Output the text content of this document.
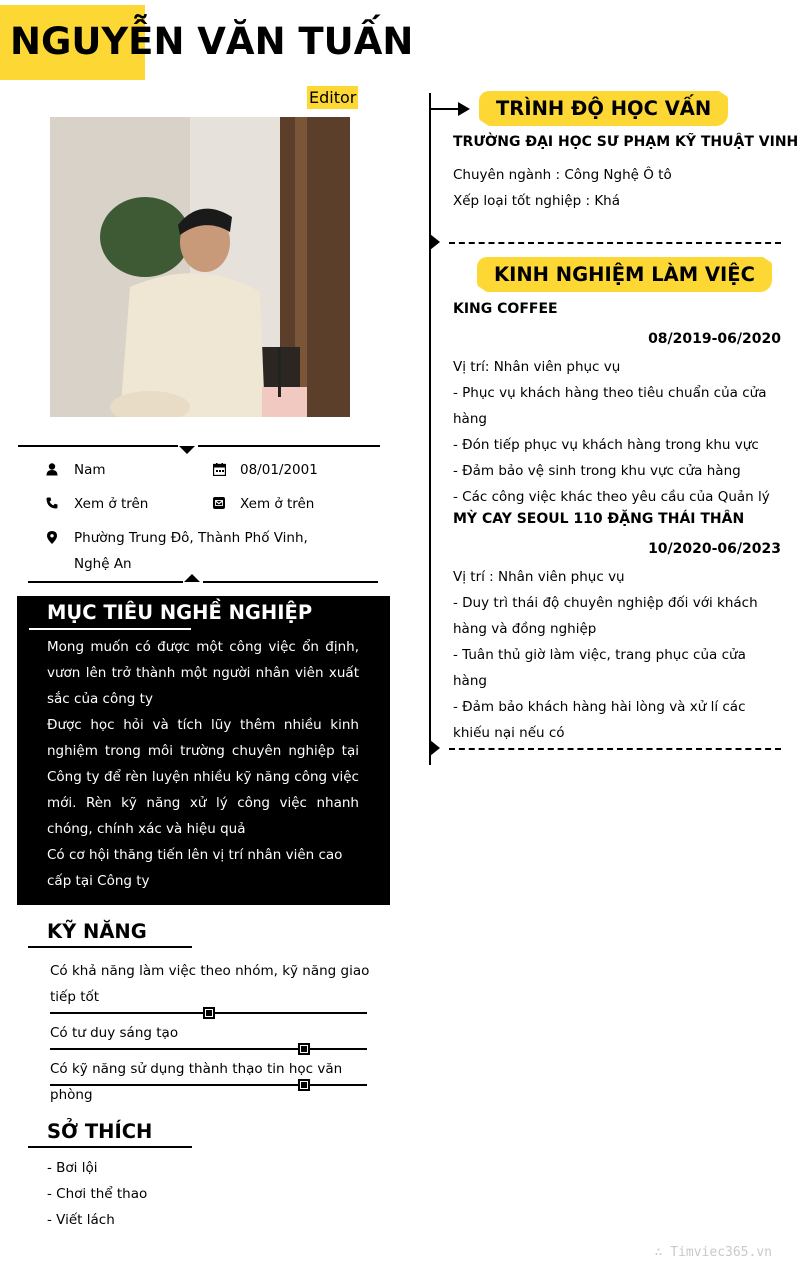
NGUYỄN VĂN TUẤN
Editor
Nam	08/01/2001
Xem ở trên	Xem ở trên
Phường Trung Đô, Thành Phố Vinh, Nghệ An
MỤC TIÊU NGHỀ NGHIỆP
Mong muốn có được một công việc ổn định, vươn lên trở thành một người nhân viên xuất sắc của công ty
Được học hỏi và tích lũy thêm nhiều kinh nghiệm trong môi trường chuyên nghiệp tại Công ty để rèn luyện nhiều kỹ năng công việc mới. Rèn kỹ năng xử lý công việc nhanh chóng, chính xác và hiệu quả
Có cơ hội thăng tiến lên vị trí nhân viên cao cấp tại Công ty
KỸ NĂNG
Có khả năng làm việc theo nhóm, kỹ năng giao tiếp tốt
Có tư duy sáng tạo
Có kỹ năng sử dụng thành thạo tin học văn phòng
SỞ THÍCH
- Bơi lội
- Chơi thể thao
- Viết lách
TRÌNH ĐỘ HỌC VẤN
TRƯỜNG ĐẠI HỌC SƯ PHẠM KỸ THUẬT VINH
Chuyên ngành : Công Nghệ Ô tô
Xếp loại tốt nghiệp : Khá
KINH NGHIỆM LÀM VIỆC
KING COFFEE
08/2019-06/2020
Vị trí: Nhân viên phục vụ
- Phục vụ khách hàng theo tiêu chuẩn của cửa hàng
- Đón tiếp phục vụ khách hàng trong khu vực
- Đảm bảo vệ sinh trong khu vực cửa hàng
- Các công việc khác theo yêu cầu của Quản lý
MỲ CAY SEOUL 110 ĐẶNG THÁI THÂN
10/2020-06/2023
Vị trí : Nhân viên phục vụ
- Duy trì thái độ chuyên nghiệp đối với khách hàng và đồng nghiệp
- Tuân thủ giờ làm việc, trang phục của cửa hàng
- Đảm bảo khách hàng hài lòng và xử lí các khiếu nại nếu có
∴ Timviec365.vn
